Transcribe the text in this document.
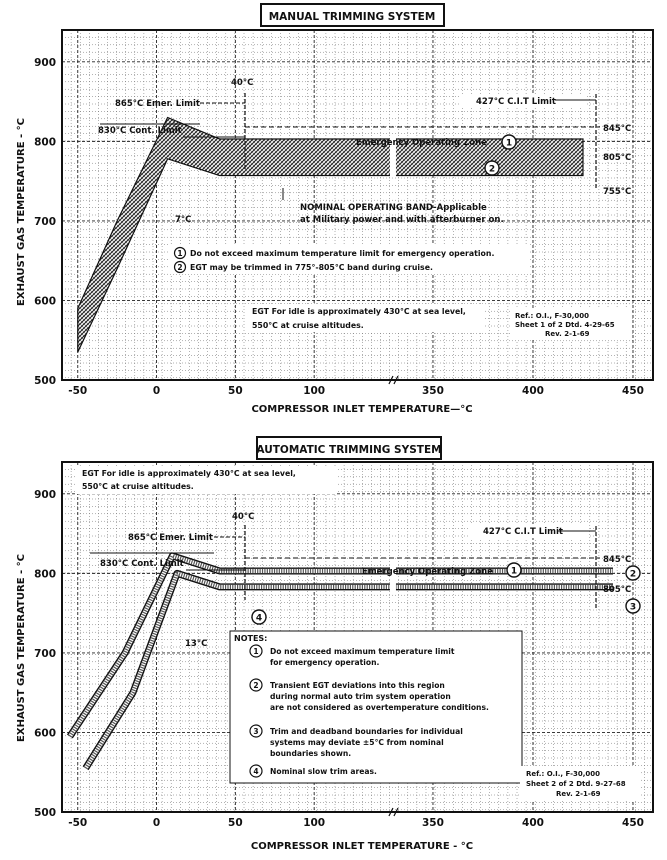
MANUAL TRIMMING SYSTEM
-50	0	50	100	350	400	450
500
600
700
800
900
EXHAUST GAS TEMPERATURE - °C
COMPRESSOR INLET TEMPERATURE—°C
865°C Emer. Limit
830°C Cont. Limit
40°C
427°C C.I.T Limit
845°C
805°C
755°C
Emergency Operating Zone 1
2
7°C
NOMINAL OPERATING BAND-Applicable
at Military power and with afterburner on.
1 Do not exceed maximum temperature limit for emergency operation.
2 EGT may be trimmed in 775°-805°C band during cruise.
EGT For idle is approximately 430°C at sea level,
550°C at cruise altitudes.
Ref.: O.I., F-30,000
Sheet 1 of 2 Dtd. 4-29-65
Rev. 2-1-69
AUTOMATIC TRIMMING SYSTEM
-50	0	50	100	350	400	450
500
600
700
800
900
EXHAUST GAS TEMPERATURE - °C
COMPRESSOR INLET TEMPERATURE - °C
EGT For idle is approximately 430°C at sea level,
550°C at cruise altitudes.
40°C
865°C Emer. Limit
830°C Cont. Limit
427°C C.I.T Limit
845°C
805°C
Emergency Operating Zone 1	2
3
4
13°C
NOTES:
1 Do not exceed maximum temperature limit
for emergency operation.
2 Transient EGT deviations into this region
during normal auto trim system operation
are not considered as overtemperature conditions.
3 Trim and deadband boundaries for individual
systems may deviate ±5°C from nominal
boundaries shown.
4 Nominal slow trim areas.	Ref.: O.I., F-30,000
Sheet 2 of 2 Dtd. 9-27-68
Rev. 2-1-69
